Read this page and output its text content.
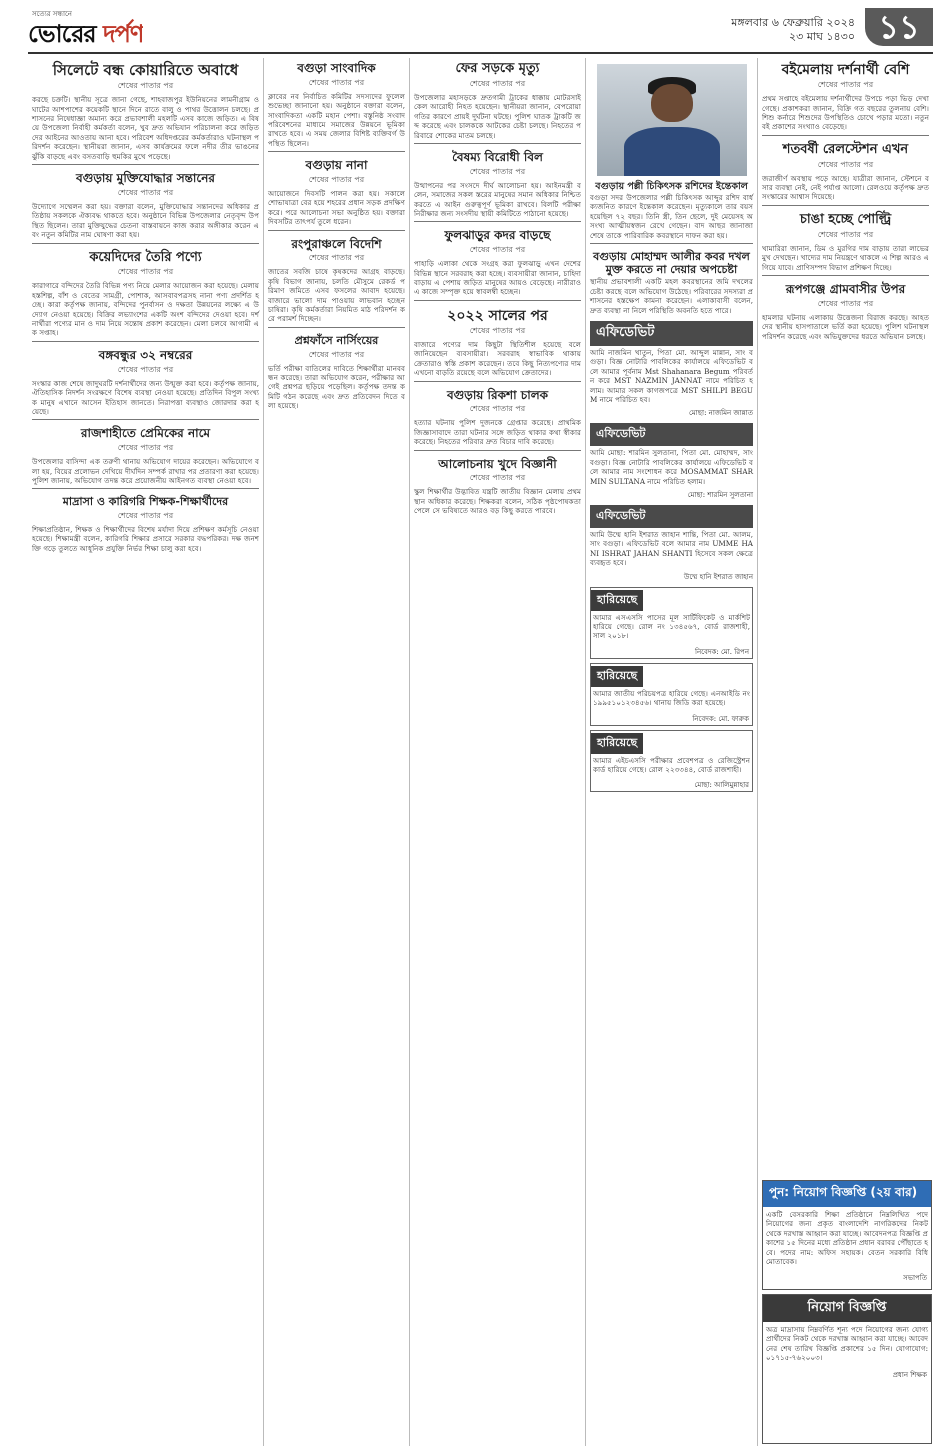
সত্যের সন্ধানে
ভোরের দর্পণ	মঙ্গলবার ৬ ফেব্রুয়ারি ২০২৪
২৩ মাঘ ১৪৩০ ১১
সিলেটে বন্ধ কোয়ারিতে অবাধে
শেষের পাতার পর
করছে চক্রটি। স্থানীয় সূত্রে জানা গেছে, শাহবাজপুর ইউনিয়নের লামনীগ্রাম ও ঘাটের আশপাশের কয়েকটি স্থানে দিনে রাতে বালু ও পাথর উত্তোলন চলছে। প্রশাসনের নিষেধাজ্ঞা অমান্য করে প্রভাবশালী মহলটি এসব কাজে জড়িত। এ বিষয়ে উপজেলা নির্বাহী কর্মকর্তা বলেন, খুব দ্রুত অভিযান পরিচালনা করে জড়িতদের আইনের আওতায় আনা হবে। পরিবেশ অধিদপ্তরের কর্মকর্তারাও ঘটনাস্থল পরিদর্শন করেছেন। স্থানীয়রা জানান, এসব কার্যক্রমের ফলে নদীর তীর ভাঙনের ঝুঁকি বাড়ছে এবং বসতবাড়ি হুমকির মুখে পড়েছে।
বগুড়ায় মুক্তিযোদ্ধার সন্তানের
শেষের পাতার পর
উদ্যোগে সম্মেলন করা হয়। বক্তারা বলেন, মুক্তিযোদ্ধার সন্তানদের অধিকার প্রতিষ্ঠায় সকলকে ঐক্যবদ্ধ থাকতে হবে। অনুষ্ঠানে বিভিন্ন উপজেলার নেতৃবৃন্দ উপস্থিত ছিলেন। তারা মুক্তিযুদ্ধের চেতনা বাস্তবায়নে কাজ করার অঙ্গীকার করেন এবং নতুন কমিটির নাম ঘোষণা করা হয়।
কয়েদিদের তৈরি পণ্যে
শেষের পাতার পর
কারাগারে বন্দিদের তৈরি বিভিন্ন পণ্য নিয়ে মেলার আয়োজন করা হয়েছে। মেলায় হস্তশিল্প, বাঁশ ও বেতের সামগ্রী, পোশাক, আসবাবপত্রসহ নানা পণ্য প্রদর্শিত হচ্ছে। কারা কর্তৃপক্ষ জানায়, বন্দিদের পুনর্বাসন ও দক্ষতা উন্নয়নের লক্ষ্যে এ উদ্যোগ নেওয়া হয়েছে। বিক্রির লভ্যাংশের একটি অংশ বন্দিদের দেওয়া হবে। দর্শনার্থীরা পণ্যের মান ও দাম নিয়ে সন্তোষ প্রকাশ করেছেন। মেলা চলবে আগামী এক সপ্তাহ।
বঙ্গবন্ধুর ৩২ নম্বরের
শেষের পাতার পর
সংস্কার কাজ শেষে জাদুঘরটি দর্শনার্থীদের জন্য উন্মুক্ত করা হবে। কর্তৃপক্ষ জানায়, ঐতিহাসিক নিদর্শন সংরক্ষণে বিশেষ ব্যবস্থা নেওয়া হয়েছে। প্রতিদিন বিপুল সংখ্যক মানুষ এখানে আসেন ইতিহাস জানতে। নিরাপত্তা ব্যবস্থাও জোরদার করা হয়েছে।
রাজশাহীতে প্রেমিকের নামে
শেষের পাতার পর
উপজেলার বাসিন্দা এক তরুণী থানায় অভিযোগ দায়ের করেছেন। অভিযোগে বলা হয়, বিয়ের প্রলোভন দেখিয়ে দীর্ঘদিন সম্পর্ক রাখার পর প্রতারণা করা হয়েছে। পুলিশ জানায়, অভিযোগ তদন্ত করে প্রয়োজনীয় আইনগত ব্যবস্থা নেওয়া হবে।
মাদ্রাসা ও কারিগরি শিক্ষক-শিক্ষার্থীদের
শেষের পাতার পর
শিক্ষাপ্রতিষ্ঠান, শিক্ষক ও শিক্ষার্থীদের বিশেষ মর্যাদা দিয়ে প্রশিক্ষণ কর্মসূচি নেওয়া হয়েছে। শিক্ষামন্ত্রী বলেন, কারিগরি শিক্ষার প্রসারে সরকার বদ্ধপরিকর। দক্ষ জনশক্তি গড়ে তুলতে আধুনিক প্রযুক্তি নির্ভর শিক্ষা চালু করা হবে।
বগুড়া সাংবাদিক
শেষের পাতার পর
ক্লাবের নব নির্বাচিত কমিটির সদস্যদের ফুলেল শুভেচ্ছা জানানো হয়। অনুষ্ঠানে বক্তারা বলেন, সাংবাদিকতা একটি মহান পেশা। বস্তুনিষ্ঠ সংবাদ পরিবেশনের মাধ্যমে সমাজের উন্নয়নে ভূমিকা রাখতে হবে। এ সময় জেলার বিশিষ্ট ব্যক্তিবর্গ উপস্থিত ছিলেন।
বগুড়ায় নানা
শেষের পাতার পর
আয়োজনে দিবসটি পালন করা হয়। সকালে শোভাযাত্রা বের হয়ে শহরের প্রধান সড়ক প্রদক্ষিণ করে। পরে আলোচনা সভা অনুষ্ঠিত হয়। বক্তারা দিবসটির তাৎপর্য তুলে ধরেন।
রংপুরাঞ্চলে বিদেশি
শেষের পাতার পর
জাতের সবজি চাষে কৃষকদের আগ্রহ বাড়ছে। কৃষি বিভাগ জানায়, চলতি মৌসুমে রেকর্ড পরিমাণ জমিতে এসব ফসলের আবাদ হয়েছে। বাজারে ভালো দাম পাওয়ায় লাভবান হচ্ছেন চাষিরা। কৃষি কর্মকর্তারা নিয়মিত মাঠ পরিদর্শন করে পরামর্শ দিচ্ছেন।
প্রশ্নফাঁসে নার্সিংয়ের
শেষের পাতার পর
ভর্তি পরীক্ষা বাতিলের দাবিতে শিক্ষার্থীরা মানববন্ধন করেছে। তারা অভিযোগ করেন, পরীক্ষার আগেই প্রশ্নপত্র ছড়িয়ে পড়েছিল। কর্তৃপক্ষ তদন্ত কমিটি গঠন করেছে এবং দ্রুত প্রতিবেদন দিতে বলা হয়েছে।
ফের সড়কে মৃত্যু
শেষের পাতার পর
উপজেলার মহাসড়কে দ্রুতগামী ট্রাকের ধাক্কায় মোটরসাইকেল আরোহী নিহত হয়েছেন। স্থানীয়রা জানান, বেপরোয়া গতির কারণে প্রায়ই দুর্ঘটনা ঘটছে। পুলিশ ঘাতক ট্রাকটি জব্দ করেছে এবং চালককে আটকের চেষ্টা চলছে। নিহতের পরিবারে শোকের মাতম চলছে।
বৈষম্য বিরোধী বিল
শেষের পাতার পর
উত্থাপনের পর সংসদে দীর্ঘ আলোচনা হয়। আইনমন্ত্রী বলেন, সমাজের সকল স্তরের মানুষের সমান অধিকার নিশ্চিত করতে এ আইন গুরুত্বপূর্ণ ভূমিকা রাখবে। বিলটি পরীক্ষা নিরীক্ষার জন্য সংসদীয় স্থায়ী কমিটিতে পাঠানো হয়েছে।
ফুলঝাড়ুর কদর বাড়ছে
শেষের পাতার পর
পাহাড়ি এলাকা থেকে সংগ্রহ করা ফুলঝাড়ু এখন দেশের বিভিন্ন স্থানে সরবরাহ করা হচ্ছে। ব্যবসায়ীরা জানান, চাহিদা বাড়ায় এ পেশায় জড়িত মানুষের আয়ও বেড়েছে। নারীরাও এ কাজে সম্পৃক্ত হয়ে স্বাবলম্বী হচ্ছেন।
২০২২ সালের পর
শেষের পাতার পর
বাজারে পণ্যের দাম কিছুটা স্থিতিশীল হয়েছে বলে জানিয়েছেন ব্যবসায়ীরা। সরবরাহ স্বাভাবিক থাকায় ক্রেতারাও স্বস্তি প্রকাশ করেছেন। তবে কিছু নিত্যপণ্যের দাম এখনো বাড়তি রয়েছে বলে অভিযোগ ক্রেতাদের।
বগুড়ায় রিকশা চালক
শেষের পাতার পর
হত্যার ঘটনায় পুলিশ দুজনকে গ্রেপ্তার করেছে। প্রাথমিক জিজ্ঞাসাবাদে তারা ঘটনার সঙ্গে জড়িত থাকার কথা স্বীকার করেছে। নিহতের পরিবার দ্রুত বিচার দাবি করেছে।
আলোচনায় খুদে বিজ্ঞানী
শেষের পাতার পর
স্কুল শিক্ষার্থীর উদ্ভাবিত যন্ত্রটি জাতীয় বিজ্ঞান মেলায় প্রথম স্থান অধিকার করেছে। শিক্ষকরা বলেন, সঠিক পৃষ্ঠপোষকতা পেলে সে ভবিষ্যতে আরও বড় কিছু করতে পারবে।
বগুড়ায় পল্লী চিকিৎসক রশিদের ইন্তেকাল
বগুড়া সদর উপজেলার পল্লী চিকিৎসক আব্দুর রশিদ বার্ধক্যজনিত কারণে ইন্তেকাল করেছেন। মৃত্যুকালে তার বয়স হয়েছিল ৭২ বছর। তিনি স্ত্রী, তিন ছেলে, দুই মেয়েসহ অসংখ্য আত্মীয়স্বজন রেখে গেছেন। বাদ আছর জানাজা শেষে তাকে পারিবারিক কবরস্থানে দাফন করা হয়।
বগুড়ায় মোহাম্মদ আলীর কবর দখল মুক্ত করতে না দেয়ার অপচেষ্টা
স্থানীয় প্রভাবশালী একটি মহল কবরস্থানের জমি দখলের চেষ্টা করছে বলে অভিযোগ উঠেছে। পরিবারের সদস্যরা প্রশাসনের হস্তক্ষেপ কামনা করেছেন। এলাকাবাসী বলেন, দ্রুত ব্যবস্থা না নিলে পরিস্থিতি অবনতি হতে পারে।
এফিডেভিট
আমি নাজমিন খাতুন, পিতা মো. আব্দুল মান্নান, সাং বগুড়া। বিজ্ঞ নোটারি পাবলিকের কার্যালয়ে এফিডেভিট বলে আমার পূর্বনাম Mst Shahanara Begum পরিবর্তন করে MST NAZMIN JANNAT নামে পরিচিত হলাম। আমার সকল কাগজপত্রে MST SHILPI BEGUM নামে পরিচিত হব।
মোছা: নাজমিন জান্নাত
এফিডেভিট
আমি মোছা: শারমিন সুলতানা, পিতা মো. মোহাম্মদ, সাং বগুড়া। বিজ্ঞ নোটারি পাবলিকের কার্যালয়ে এফিডেভিট বলে আমার নাম সংশোধন করে MOSAMMAT SHARMIN SULTANA নামে পরিচিত হলাম।
মোছা: শারমিন সুলতানা
এফিডেভিট
আমি উম্মে হানি ইশরাত জাহান শান্তি, পিতা মো. আলম, সাং বগুড়া। এফিডেভিট বলে আমার নাম UMME HANI ISHRAT JAHAN SHANTI হিসেবে সকল ক্ষেত্রে ব্যবহৃত হবে।
উম্মে হানি ইশরাত জাহান
হারিয়েছে
আমার এসএসসি পাসের মূল সার্টিফিকেট ও মার্কশিট হারিয়ে গেছে। রোল নং ১৩৪৫৬৭, বোর্ড রাজশাহী, সাল ২০১৮।
নিবেদক: মো. রিপন
হারিয়েছে
আমার জাতীয় পরিচয়পত্র হারিয়ে গেছে। এনআইডি নং ১৯৯৫১০১২৩৪৫৬। থানায় জিডি করা হয়েছে।
নিবেদক: মো. ফারুক
হারিয়েছে
আমার এইচএসসি পরীক্ষার প্রবেশপত্র ও রেজিস্ট্রেশন কার্ড হারিয়ে গেছে। রোল ২২৩৩৪৪, বোর্ড রাজশাহী।
মোছা: আলিমুন্নাহার
বইমেলায় দর্শনার্থী বেশি
শেষের পাতার পর
প্রথম সপ্তাহে বইমেলায় দর্শনার্থীদের উপচে পড়া ভিড় দেখা গেছে। প্রকাশকরা জানান, বিক্রি গত বছরের তুলনায় বেশি। শিশু কর্নারে শিশুদের উপস্থিতিও চোখে পড়ার মতো। নতুন বই প্রকাশের সংখ্যাও বেড়েছে।
শতবর্ষী রেলস্টেশন এখন
শেষের পাতার পর
জরাজীর্ণ অবস্থায় পড়ে আছে। যাত্রীরা জানান, স্টেশনে বসার ব্যবস্থা নেই, নেই পর্যাপ্ত আলো। রেলওয়ে কর্তৃপক্ষ দ্রুত সংস্কারের আশ্বাস দিয়েছে।
চাঙা হচ্ছে পোল্ট্রি
শেষের পাতার পর
খামারিরা জানান, ডিম ও মুরগির দাম বাড়ায় তারা লাভের মুখ দেখছেন। খাদ্যের দাম নিয়ন্ত্রণে থাকলে এ শিল্প আরও এগিয়ে যাবে। প্রাণিসম্পদ বিভাগ প্রশিক্ষণ দিচ্ছে।
রূপগঞ্জে গ্রামবাসীর উপর
শেষের পাতার পর
হামলার ঘটনায় এলাকায় উত্তেজনা বিরাজ করছে। আহতদের স্থানীয় হাসপাতালে ভর্তি করা হয়েছে। পুলিশ ঘটনাস্থল পরিদর্শন করেছে এবং অভিযুক্তদের ধরতে অভিযান চলছে।
পুন: নিয়োগ বিজ্ঞপ্তি (২য় বার)
একটি বেসরকারি শিক্ষা প্রতিষ্ঠানে নিম্নলিখিত পদে নিয়োগের জন্য প্রকৃত বাংলাদেশি নাগরিকদের নিকট থেকে দরখাস্ত আহ্বান করা যাচ্ছে। আবেদনপত্র বিজ্ঞপ্তি প্রকাশের ১৫ দিনের মধ্যে প্রতিষ্ঠান প্রধান বরাবর পৌঁছাতে হবে। পদের নাম: অফিস সহায়ক। বেতন সরকারি বিধি মোতাবেক।
সভাপতি
নিয়োগ বিজ্ঞপ্তি
অত্র মাদ্রাসায় নিম্নবর্ণিত শূন্য পদে নিয়োগের জন্য যোগ্য প্রার্থীদের নিকট থেকে দরখাস্ত আহ্বান করা যাচ্ছে। আবেদনের শেষ তারিখ বিজ্ঞপ্তি প্রকাশের ১৫ দিন। যোগাযোগ: ০১৭১৫-৭৬২০০৩।
প্রধান শিক্ষক
